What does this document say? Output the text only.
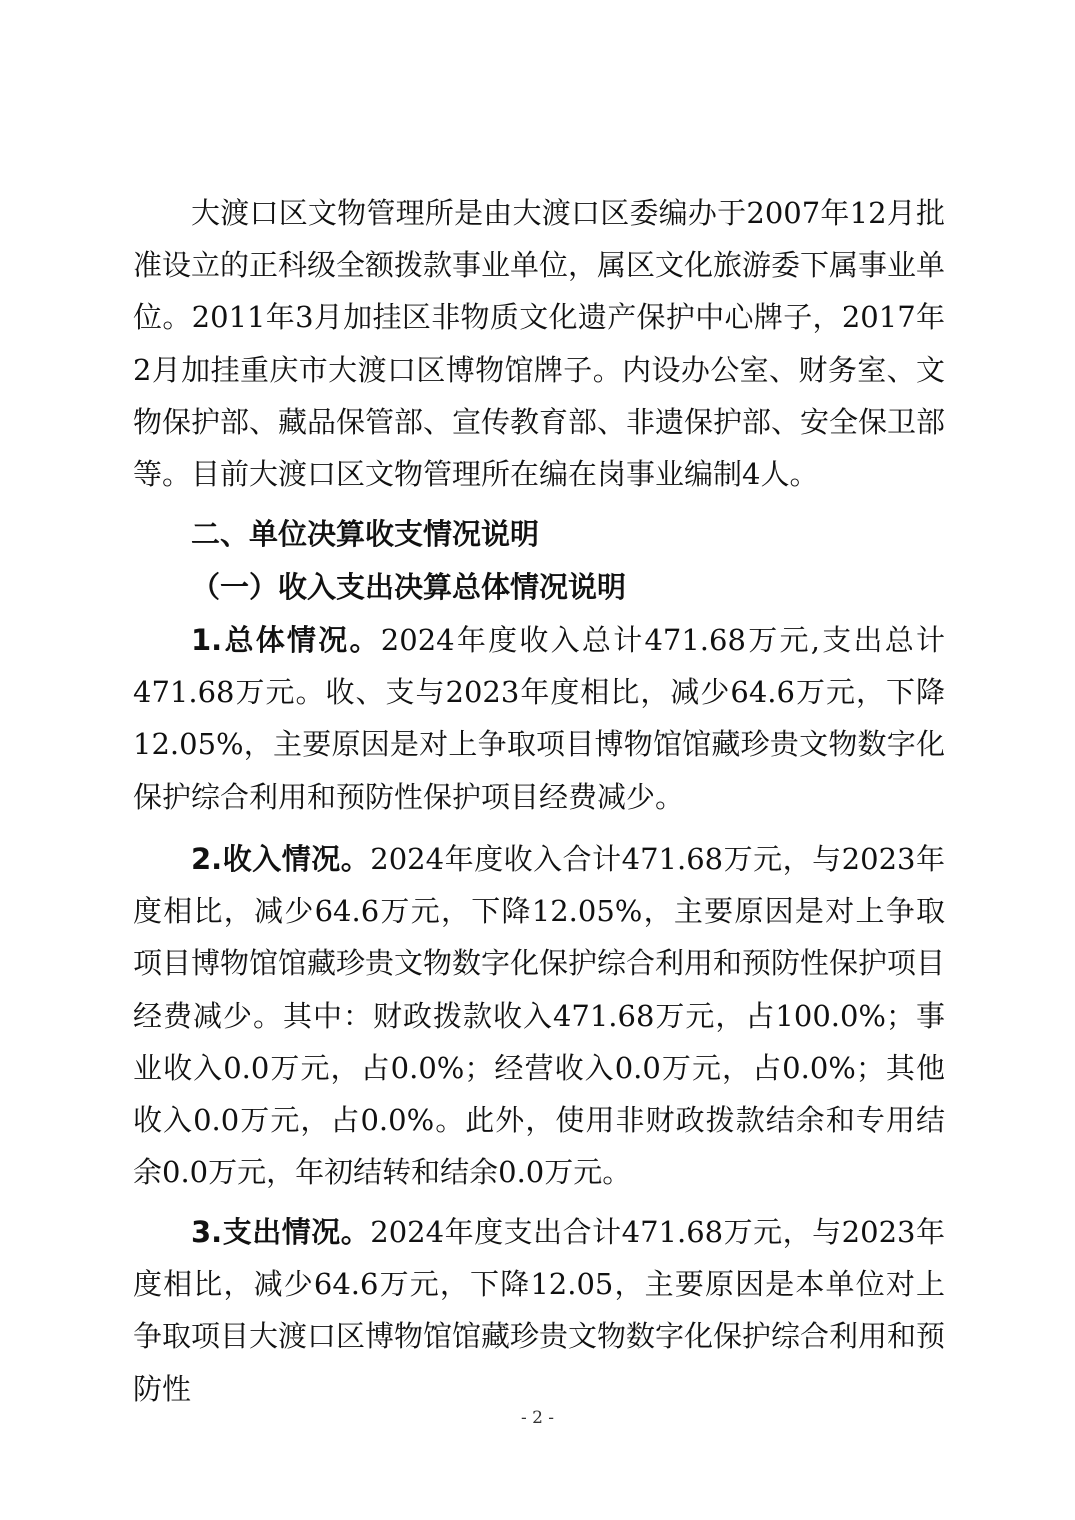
大渡口区文物管理所是由大渡口区委编办于2007年12月批准设立的正科级全额拨款事业单位，属区文化旅游委下属事业单位。2011年3月加挂区非物质文化遗产保护中心牌子，2017年2月加挂重庆市大渡口区博物馆牌子。内设办公室、财务室、文物保护部、藏品保管部、宣传教育部、非遗保护部、安全保卫部等。目前大渡口区文物管理所在编在岗事业编制4人。

二、单位决算收支情况说明
（一）收入支出决算总体情况说明

1.总体情况。2024年度收入总计471.68万元,支出总计471.68万元。收、支与2023年度相比，减少64.6万元，下降12.05%，主要原因是对上争取项目博物馆馆藏珍贵文物数字化保护综合利用和预防性保护项目经费减少。

2.收入情况。2024年度收入合计471.68万元，与2023年度相比，减少64.6万元，下降12.05%，主要原因是对上争取项目博物馆馆藏珍贵文物数字化保护综合利用和预防性保护项目经费减少。其中：财政拨款收入471.68万元，占100.0%；事业收入0.0万元，占0.0%；经营收入0.0万元，占0.0%；其他收入0.0万元，占0.0%。此外，使用非财政拨款结余和专用结余0.0万元，年初结转和结余0.0万元。

3.支出情况。2024年度支出合计471.68万元，与2023年度相比，减少64.6万元，下降12.05，主要原因是本单位对上争取项目大渡口区博物馆馆藏珍贵文物数字化保护综合利用和预防性

- 2 -
